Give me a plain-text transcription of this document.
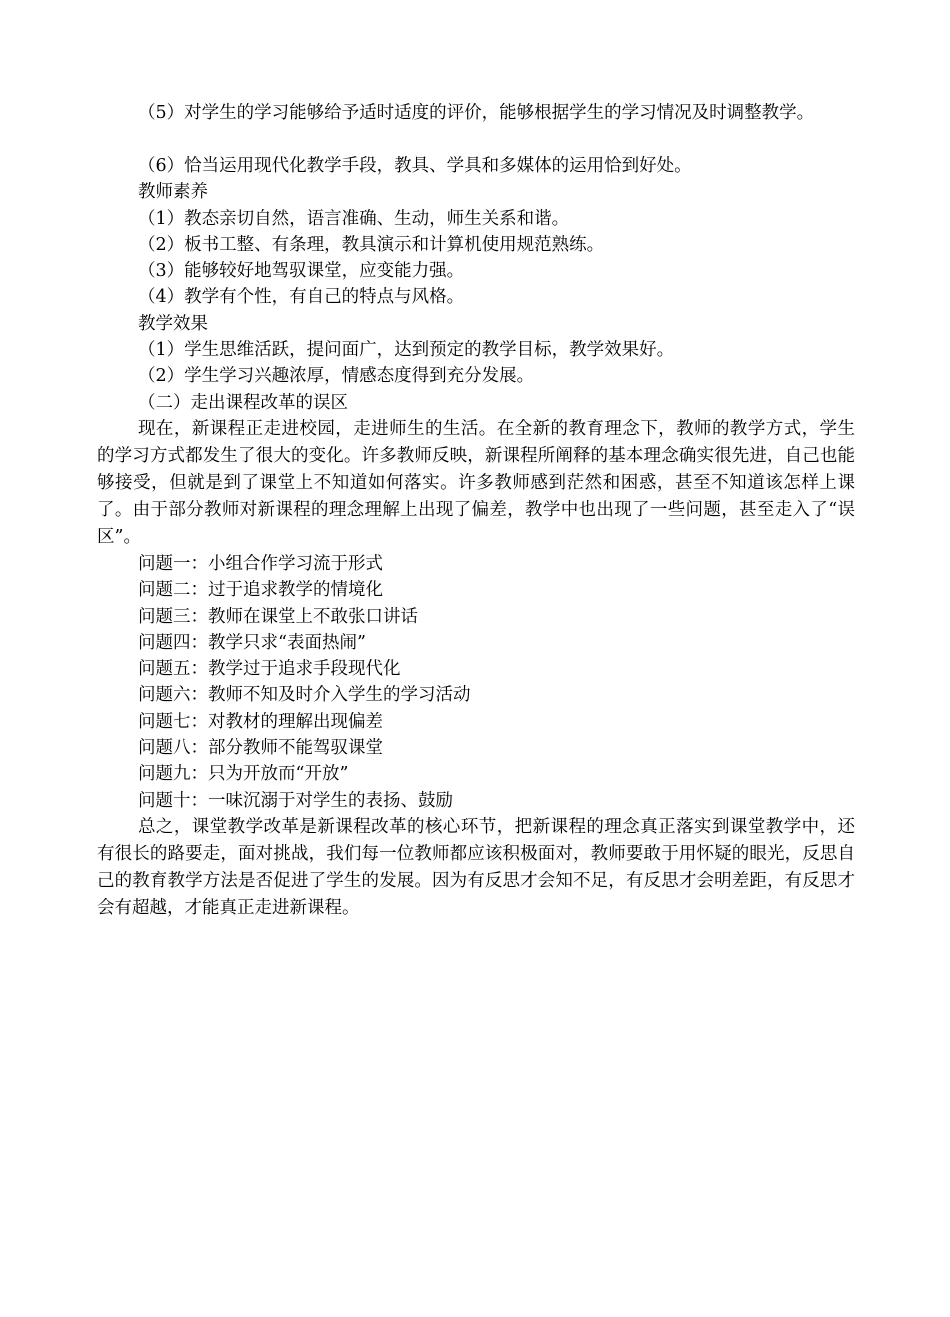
（5）对学生的学习能够给予适时适度的评价，能够根据学生的学习情况及时调整教学。

（6）恰当运用现代化教学手段，教具、学具和多媒体的运用恰到好处。

教师素养

（1）教态亲切自然，语言准确、生动，师生关系和谐。

（2）板书工整、有条理，教具演示和计算机使用规范熟练。

（3）能够较好地驾驭课堂，应变能力强。

（4）教学有个性，有自己的特点与风格。

教学效果

（1）学生思维活跃，提问面广，达到预定的教学目标，教学效果好。

（2）学生学习兴趣浓厚，情感态度得到充分发展。

（二）走出课程改革的误区

现在，新课程正走进校园，走进师生的生活。在全新的教育理念下，教师的教学方式，学生的学习方式都发生了很大的变化。许多教师反映，新课程所阐释的基本理念确实很先进，自己也能够接受，但就是到了课堂上不知道如何落实。许多教师感到茫然和困惑，甚至不知道该怎样上课了。由于部分教师对新课程的理念理解上出现了偏差，教学中也出现了一些问题，甚至走入了“误区”。

问题一：小组合作学习流于形式

问题二：过于追求教学的情境化

问题三：教师在课堂上不敢张口讲话

问题四：教学只求“表面热闹”

问题五：教学过于追求手段现代化

问题六：教师不知及时介入学生的学习活动

问题七：对教材的理解出现偏差

问题八：部分教师不能驾驭课堂

问题九：只为开放而“开放”

问题十：一味沉溺于对学生的表扬、鼓励

总之，课堂教学改革是新课程改革的核心环节，把新课程的理念真正落实到课堂教学中，还有很长的路要走，面对挑战，我们每一位教师都应该积极面对，教师要敢于用怀疑的眼光，反思自己的教育教学方法是否促进了学生的发展。因为有反思才会知不足，有反思才会明差距，有反思才会有超越，才能真正走进新课程。
